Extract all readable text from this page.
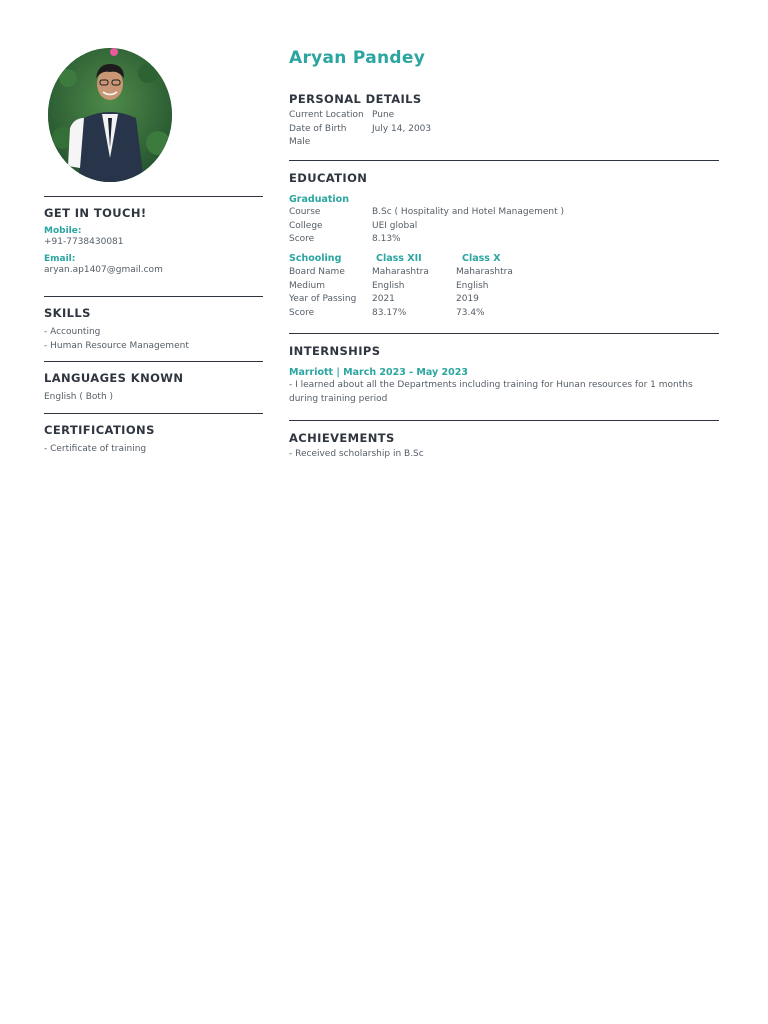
GET IN TOUCH!
Mobile:
+91-7738430081
Email:
aryan.ap1407@gmail.com
SKILLS
- Accounting
- Human Resource Management
LANGUAGES KNOWN
English ( Both )
CERTIFICATIONS
- Certificate of training
Aryan Pandey
PERSONAL DETAILS
Current Location Pune
Date of Birth	July 14, 2003
Male
EDUCATION
Graduation
Course	B.Sc ( Hospitality and Hotel Management )
College	UEI global
Score	8.13%
Schooling	Class XII	Class X
Board Name	Maharashtra	Maharashtra
Medium	English	English
Year of Passing	2021	2019
Score	83.17%	73.4%
INTERNSHIPS
Marriott | March 2023 - May 2023
- I learned about all the Departments including training for Hunan resources for 1 months
during training period
ACHIEVEMENTS
- Received scholarship in B.Sc
